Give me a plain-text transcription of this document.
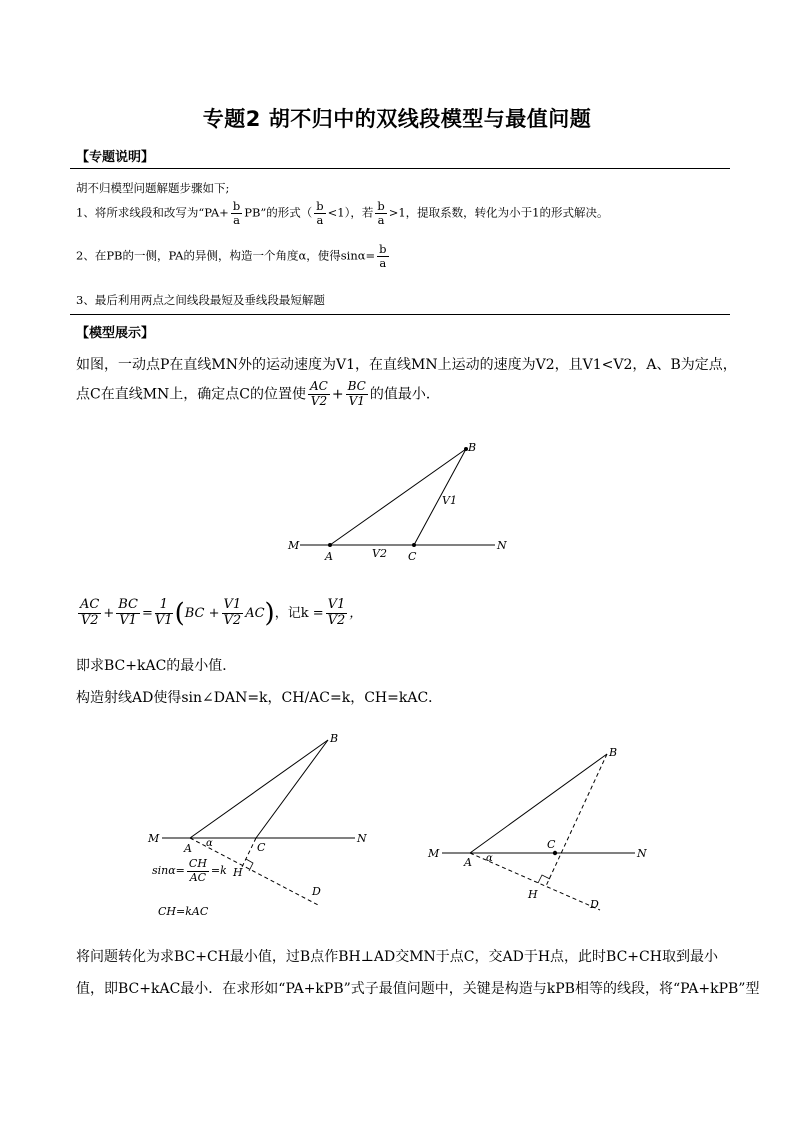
专题2 胡不归中的双线段模型与最值问题
【专题说明】
胡不归模型问题解题步骤如下;
1、将所求线段和改写为“$PA+ \frac{b}{a}$ PB”的形式（ $\frac{b}{a} <1$），若 $\frac{b}{a} >1$，提取系数，转化为小于1的形式解决。
2、在PB的一侧，PA的异侧，构造一个角度α，使得$\sin\alpha= \frac{b}{a}$
3、最后利用两点之间线段最短及垂线段最短解题
【模型展示】
如图，一动点P在直线MN外的运动速度为V1，在直线MN上运动的速度为V2，且V1<V2，A、B为定点，
点C在直线MN上，确定点C的位置使 $\frac{AC}{V2} + \frac{BC}{V1}$ 的值最小．
M
A	V2 C
N
B
V1
$\frac{AC}{V2} + \frac{BC}{V1} = \frac{1}{V1} (BC + \frac{V1}{V2} AC)$，记$k = \frac{V1}{V2}$ ，
即求BC+kAC的最小值．
构造射线AD使得sin∠DAN=k，CH/AC=k，CH=kAC．
M	N
B
A α	C
H
D
$\sin\alpha= \frac{CH}{AC} =k$
CH=kAC
M	N
B
A α
C
H
D
将问题转化为求BC+CH最小值，过B点作BH⊥AD交MN于点C，交AD于H点，此时BC+CH取到最小
值，即BC+kAC最小．在求形如“PA+kPB”式子最值问题中，关键是构造与kPB相等的线段，将“PA+kPB”型
